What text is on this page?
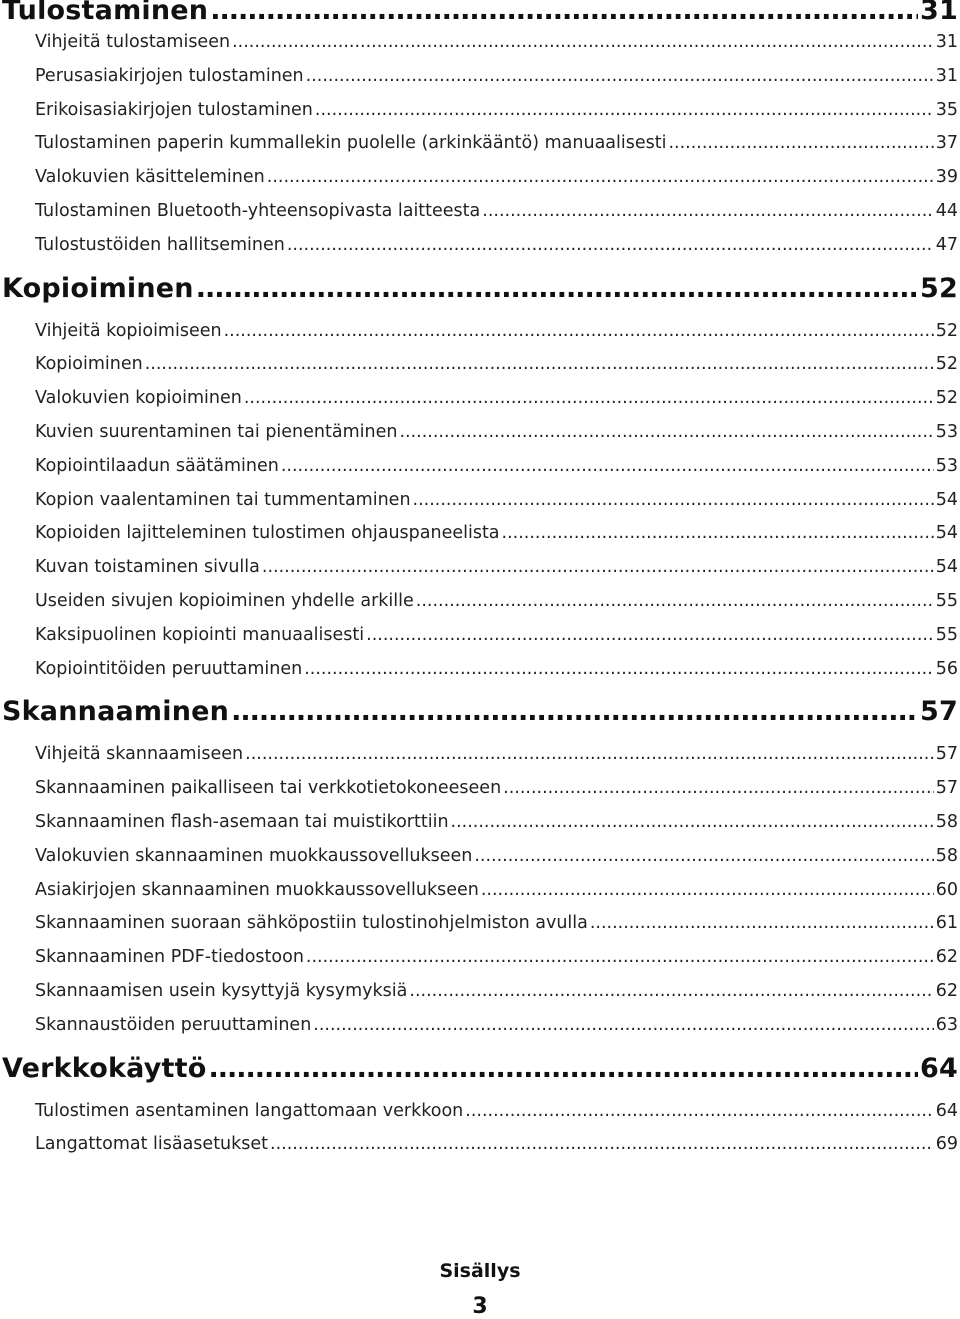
Tulostaminen .....	31
Vihjeitä tulostamiseen .....	31
Perusasiakirjojen tulostaminen .....	31
Erikoisasiakirjojen tulostaminen .....	35
Tulostaminen paperin kummallekin puolelle (arkinkääntö) manuaalisesti .....	37
Valokuvien käsitteleminen .....	39
Tulostaminen Bluetooth-yhteensopivasta laitteesta .....	44
Tulostustöiden hallitseminen .....	47
Kopioiminen .....	52
Vihjeitä kopioimiseen .....	52
Kopioiminen .....	52
Valokuvien kopioiminen .....	52
Kuvien suurentaminen tai pienentäminen .....	53
Kopiointilaadun säätäminen .....	53
Kopion vaalentaminen tai tummentaminen .....	54
Kopioiden lajitteleminen tulostimen ohjauspaneelista .....	54
Kuvan toistaminen sivulla .....	54
Useiden sivujen kopioiminen yhdelle arkille .....	55
Kaksipuolinen kopiointi manuaalisesti .....	55
Kopiointitöiden peruuttaminen .....	56
Skannaaminen .....	57
Vihjeitä skannaamiseen .....	57
Skannaaminen paikalliseen tai verkkotietokoneeseen .....	57
Skannaaminen flash-asemaan tai muistikorttiin .....	58
Valokuvien skannaaminen muokkaussovellukseen .....	58
Asiakirjojen skannaaminen muokkaussovellukseen .....	60
Skannaaminen suoraan sähköpostiin tulostinohjelmiston avulla .....	61
Skannaaminen PDF-tiedostoon .....	62
Skannaamisen usein kysyttyjä kysymyksiä .....	62
Skannaustöiden peruuttaminen .....	63
Verkkokäyttö .....	64
Tulostimen asentaminen langattomaan verkkoon .....	64
Langattomat lisäasetukset .....	69
Sisällys
3
